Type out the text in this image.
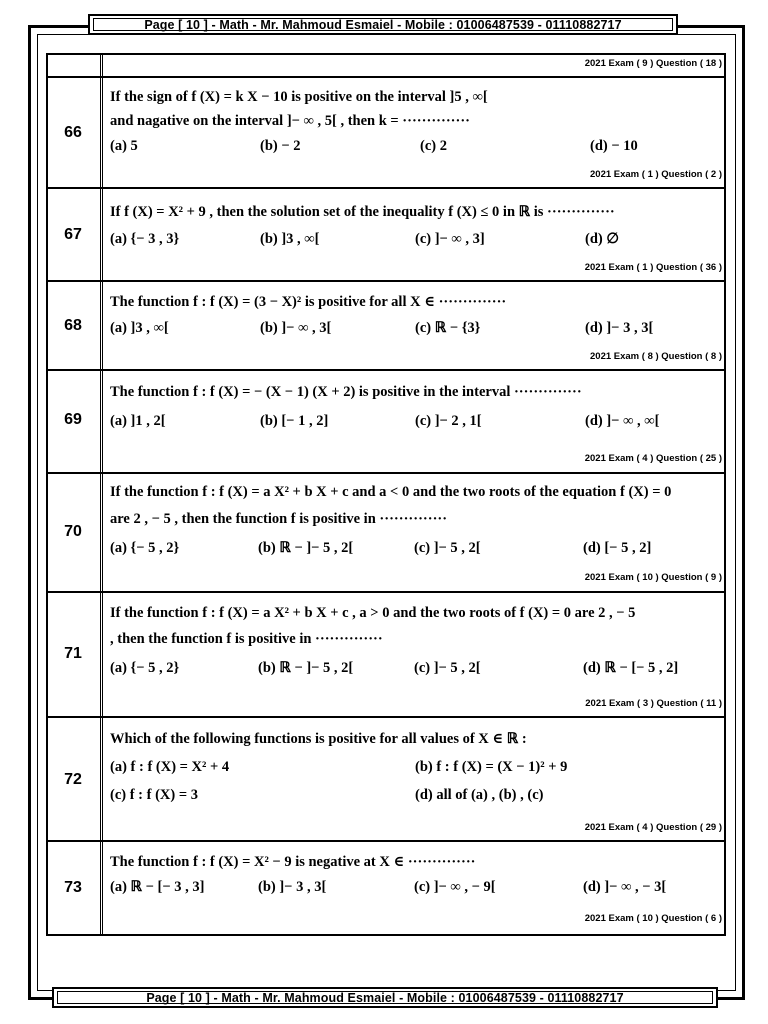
Page [ 10 ] - Math - Mr. Mahmoud Esmaiel - Mobile : 01006487539 - 01110882717
2021 Exam ( 9 ) Question ( 18 )
66
If the sign of f (X) = k X − 10 is positive on the interval ]5 , ∞[
and nagative on the interval ]− ∞ , 5[ , then k = ··············
(a) 5	(b) − 2	(c) 2	(d) − 10
2021 Exam ( 1 ) Question ( 2 )
67
If f (X) = X² + 9 , then the solution set of the inequality f (X) ≤ 0 in ℝ is ··············
(a) {− 3 , 3}	(b) ]3 , ∞[	(c) ]− ∞ , 3]	(d) ∅
2021 Exam ( 1 ) Question ( 36 )
68
The function f : f (X) = (3 − X)² is positive for all X ∈ ··············
(a) ]3 , ∞[	(b) ]− ∞ , 3[	(c) ℝ − {3}	(d) ]− 3 , 3[
2021 Exam ( 8 ) Question ( 8 )
69
The function f : f (X) = − (X − 1) (X + 2) is positive in the interval ··············
(a) ]1 , 2[	(b) [− 1 , 2]	(c) ]− 2 , 1[	(d) ]− ∞ , ∞[
2021 Exam ( 4 ) Question ( 25 )
70
If the function f : f (X) = a X² + b X + c and a < 0 and the two roots of the equation f (X) = 0
are 2 , − 5 , then the function f is positive in ··············
(a) {− 5 , 2}	(b) ℝ − ]− 5 , 2[	(c) ]− 5 , 2[	(d) [− 5 , 2]
2021 Exam ( 10 ) Question ( 9 )
71
If the function f : f (X) = a X² + b X + c , a > 0 and the two roots of f (X) = 0 are 2 , − 5
, then the function f is positive in ··············
(a) {− 5 , 2}	(b) ℝ − ]− 5 , 2[	(c) ]− 5 , 2[	(d) ℝ − [− 5 , 2]
2021 Exam ( 3 ) Question ( 11 )
72
Which of the following functions is positive for all values of X ∈ ℝ :
(a) f : f (X) = X² + 4	(b) f : f (X) = (X − 1)² + 9
(c) f : f (X) = 3	(d) all of (a) , (b) , (c)
2021 Exam ( 4 ) Question ( 29 )
73
The function f : f (X) = X² − 9 is negative at X ∈ ··············
(a) ℝ − [− 3 , 3]	(b) ]− 3 , 3[	(c) ]− ∞ , − 9[	(d) ]− ∞ , − 3[
2021 Exam ( 10 ) Question ( 6 )
Page [ 10 ] - Math - Mr. Mahmoud Esmaiel - Mobile : 01006487539 - 01110882717
